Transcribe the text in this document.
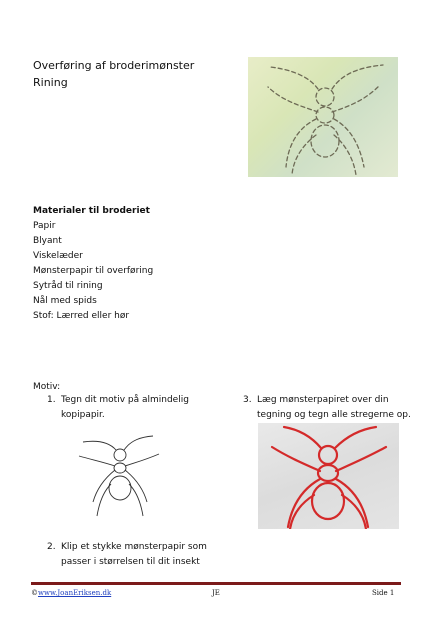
Overføring af broderimønster
Rining
Materialer til broderiet
Papir
Blyant
Viskelæder
Mønsterpapir til overføring
Sytråd til rining
Nål med spids
Stof: Lærred eller hør
Motiv:
1. Tegn dit motiv på almindelig
kopipapir.
2. Klip et stykke mønsterpapir som
passer i størrelsen til dit insekt
3. Læg mønsterpapiret over din
tegning og tegn alle stregerne op.
©www.JoanEriksen.dk	JE	Side 1
